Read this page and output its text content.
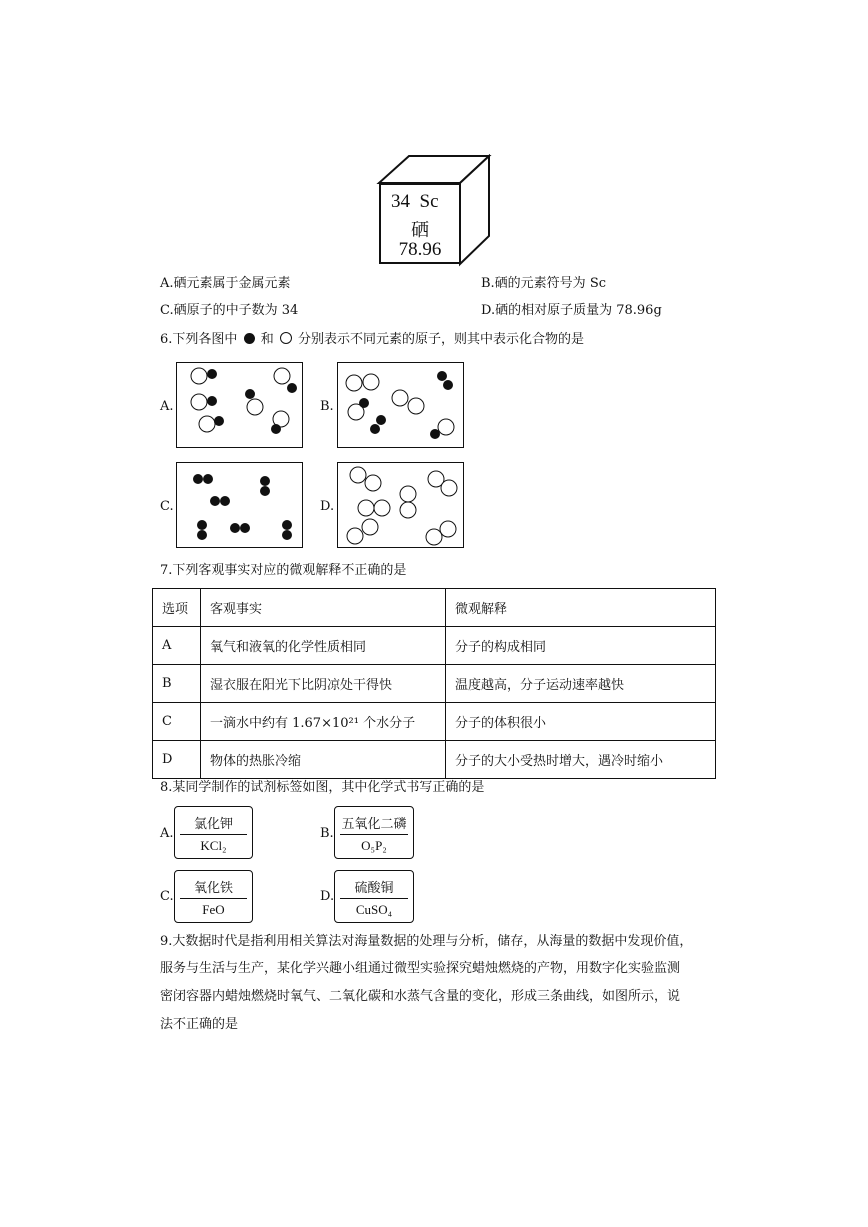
34 Sc
硒
78.96
A.硒元素属于金属元素	B.硒的元素符号为 Sc
C.硒原子的中子数为 34	D.硒的相对原子质量为 78.96g
6.下列各图中 和 分别表示不同元素的原子，则其中表示化合物的是
A.	B.
C.	D.
7.下列客观事实对应的微观解释不正确的是
选项	客观事实	微观解释
A	氧气和液氧的化学性质相同	分子的构成相同
B	湿衣服在阳光下比阴凉处干得快	温度越高，分子运动速率越快
C	一滴水中约有 1.67×10²¹ 个水分子	分子的体积很小
D	物体的热胀冷缩	分子的大小受热时增大，遇冷时缩小
8.某同学制作的试剂标签如图，其中化学式书写正确的是
A.
氯化钾
KCl₂
B.
五氧化二磷
O₅P₂
C.
氧化铁
FeO
D.
硫酸铜
CuSO₄
9.大数据时代是指利用相关算法对海量数据的处理与分析，储存，从海量的数据中发现价值，
服务与生活与生产，某化学兴趣小组通过微型实验探究蜡烛燃烧的产物，用数字化实验监测
密闭容器内蜡烛燃烧时氧气、二氧化碳和水蒸气含量的变化，形成三条曲线，如图所示，说
法不正确的是
